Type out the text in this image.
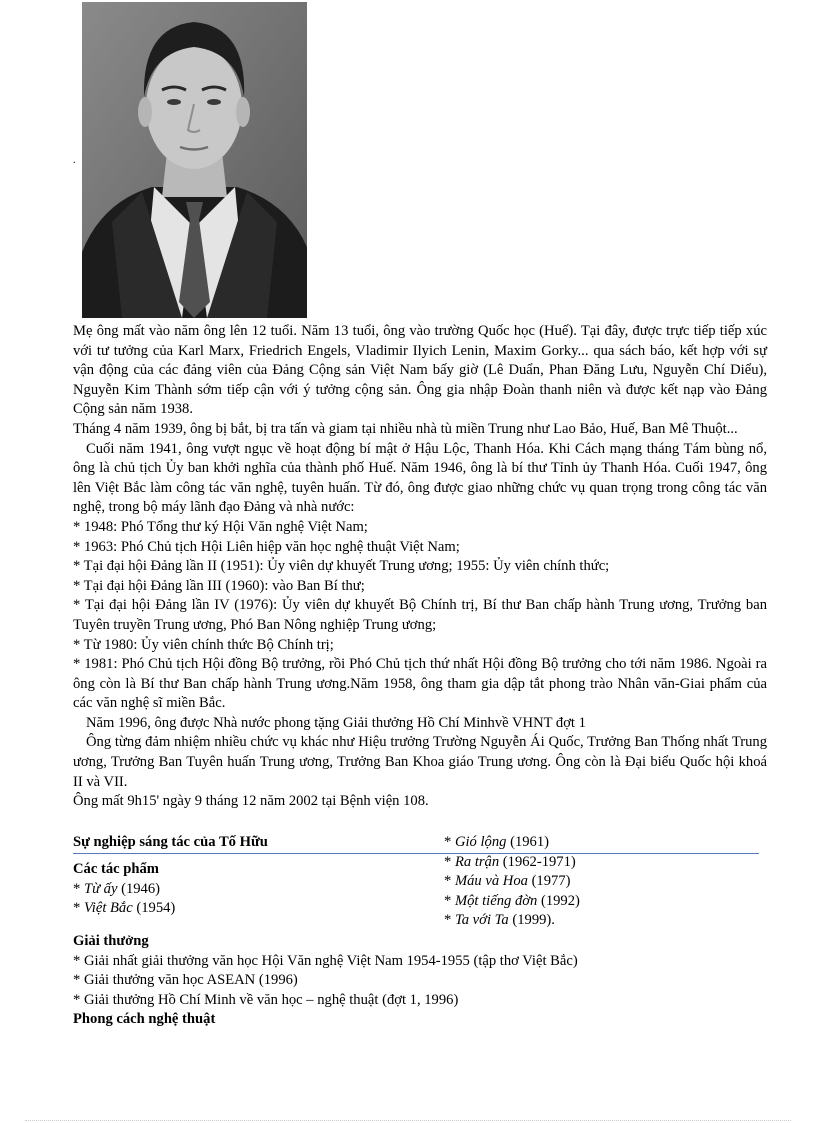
.

Mẹ ông mất vào năm ông lên 12 tuổi. Năm 13 tuổi, ông vào trường Quốc học (Huế). Tại đây, được trực tiếp tiếp xúc với tư tưởng của Karl Marx, Friedrich Engels, Vladimir Ilyich Lenin, Maxim Gorky... qua sách báo, kết hợp với sự vận động của các đảng viên của Đảng Cộng sản Việt Nam bấy giờ (Lê Duẩn, Phan Đăng Lưu, Nguyễn Chí Diểu), Nguyễn Kim Thành sớm tiếp cận với ý tưởng cộng sản. Ông gia nhập Đoàn thanh niên và được kết nạp vào Đảng Cộng sản năm 1938.

Tháng 4 năm 1939, ông bị bắt, bị tra tấn và giam tại nhiều nhà tù miền Trung như Lao Bảo, Huế, Ban Mê Thuột...

Cuối năm 1941, ông vượt ngục về hoạt động bí mật ở Hậu Lộc, Thanh Hóa. Khi Cách mạng tháng Tám bùng nổ, ông là chủ tịch Ủy ban khởi nghĩa của thành phố Huế. Năm 1946, ông là bí thư Tỉnh ủy Thanh Hóa. Cuối 1947, ông lên Việt Bắc làm công tác văn nghệ, tuyên huấn. Từ đó, ông được giao những chức vụ quan trọng trong công tác văn nghệ, trong bộ máy lãnh đạo Đảng và nhà nước:

* 1948: Phó Tổng thư ký Hội Văn nghệ Việt Nam;

* 1963: Phó Chủ tịch Hội Liên hiệp văn học nghệ thuật Việt Nam;

* Tại đại hội Đảng lần II (1951): Ủy viên dự khuyết Trung ương; 1955: Ủy viên chính thức;

* Tại đại hội Đảng lần III (1960): vào Ban Bí thư;

* Tại đại hội Đảng lần IV (1976): Ủy viên dự khuyết Bộ Chính trị, Bí thư Ban chấp hành Trung ương, Trưởng ban Tuyên truyền Trung ương, Phó Ban Nông nghiệp Trung ương;

* Từ 1980: Ủy viên chính thức Bộ Chính trị;

* 1981: Phó Chủ tịch Hội đồng Bộ trưởng, rồi Phó Chủ tịch thứ nhất Hội đồng Bộ trưởng cho tới năm 1986. Ngoài ra ông còn là Bí thư Ban chấp hành Trung ương.Năm 1958, ông tham gia dập tắt phong trào Nhân văn-Giai phẩm của các văn nghệ sĩ miền Bắc.

Năm 1996, ông được Nhà nước phong tặng Giải thưởng Hồ Chí Minhvề VHNT đợt 1

Ông từng đảm nhiệm nhiều chức vụ khác như Hiệu trưởng Trường Nguyễn Ái Quốc, Trưởng Ban Thống nhất Trung ương, Trưởng Ban Tuyên huấn Trung ương, Trưởng Ban Khoa giáo Trung ương. Ông còn là Đại biểu Quốc hội khoá II và VII.

Ông mất 9h15' ngày 9 tháng 12 năm 2002 tại Bệnh viện 108.

Sự nghiệp sáng tác của Tố Hữu

Các tác phẩm

* Từ ấy (1946)

* Việt Bắc (1954)

* Gió lộng (1961)

* Ra trận (1962-1971)

* Máu và Hoa (1977)

* Một tiếng đờn (1992)

* Ta với Ta (1999).

Giải thưởng

* Giải nhất giải thưởng văn học Hội Văn nghệ Việt Nam 1954-1955 (tập thơ Việt Bắc)

* Giải thưởng văn học ASEAN (1996)

* Giải thưởng Hồ Chí Minh về văn học – nghệ thuật (đợt 1, 1996)

Phong cách nghệ thuật
